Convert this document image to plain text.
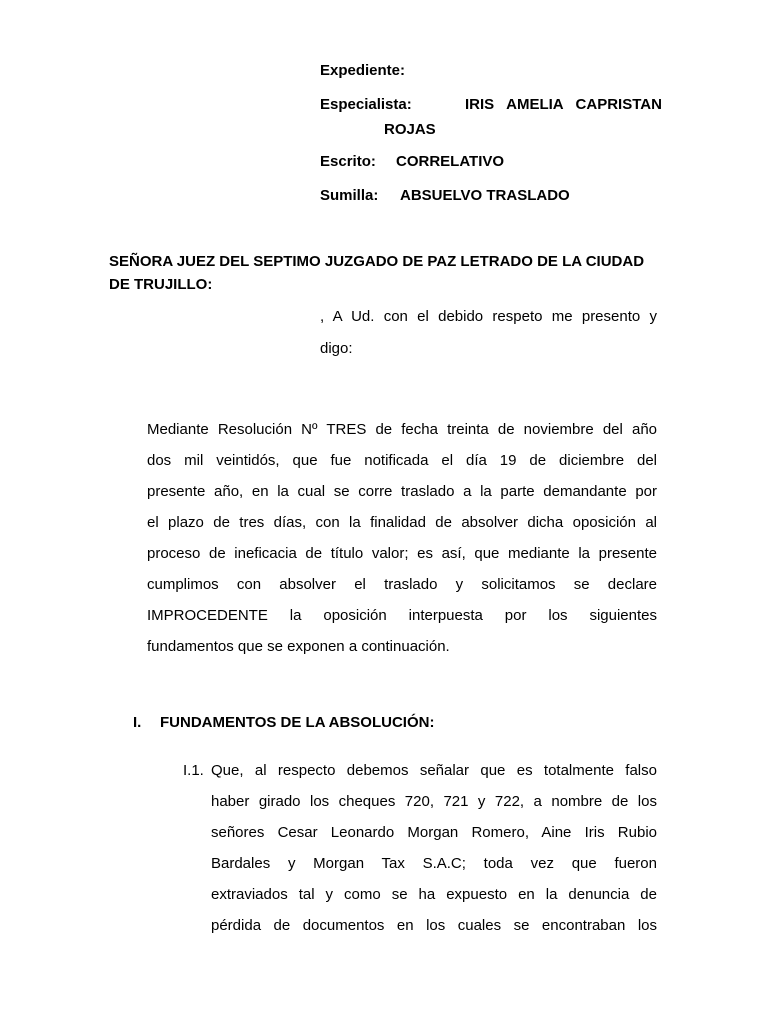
Expediente:
Especialista:	IRIS   AMELIA   CAPRISTAN
ROJAS
Escrito: CORRELATIVO
Sumilla: ABSUELVO TRASLADO
SEÑORA JUEZ DEL SEPTIMO JUZGADO DE PAZ LETRADO DE LA CIUDAD
DE TRUJILLO:
, A Ud. con el debido respeto me presento y
digo:
Mediante Resolución Nº TRES de fecha treinta de noviembre del año
dos mil veintidós, que fue notificada el día 19 de diciembre del
presente año, en la cual se corre traslado a la parte demandante por
el plazo de tres días, con la finalidad de absolver dicha oposición al
proceso de ineficacia de título valor; es así, que mediante la presente
cumplimos con absolver el traslado y solicitamos se declare
IMPROCEDENTE la oposición interpuesta por los siguientes
fundamentos que se exponen a continuación.
I. FUNDAMENTOS DE LA ABSOLUCIÓN:
I.1. Que, al respecto debemos señalar que es totalmente falso
haber girado los cheques 720, 721 y 722, a nombre de los
señores Cesar Leonardo Morgan Romero, Aine Iris Rubio
Bardales y Morgan Tax S.A.C; toda vez que fueron
extraviados tal y como se ha expuesto en la denuncia de
pérdida de documentos en los cuales se encontraban los
